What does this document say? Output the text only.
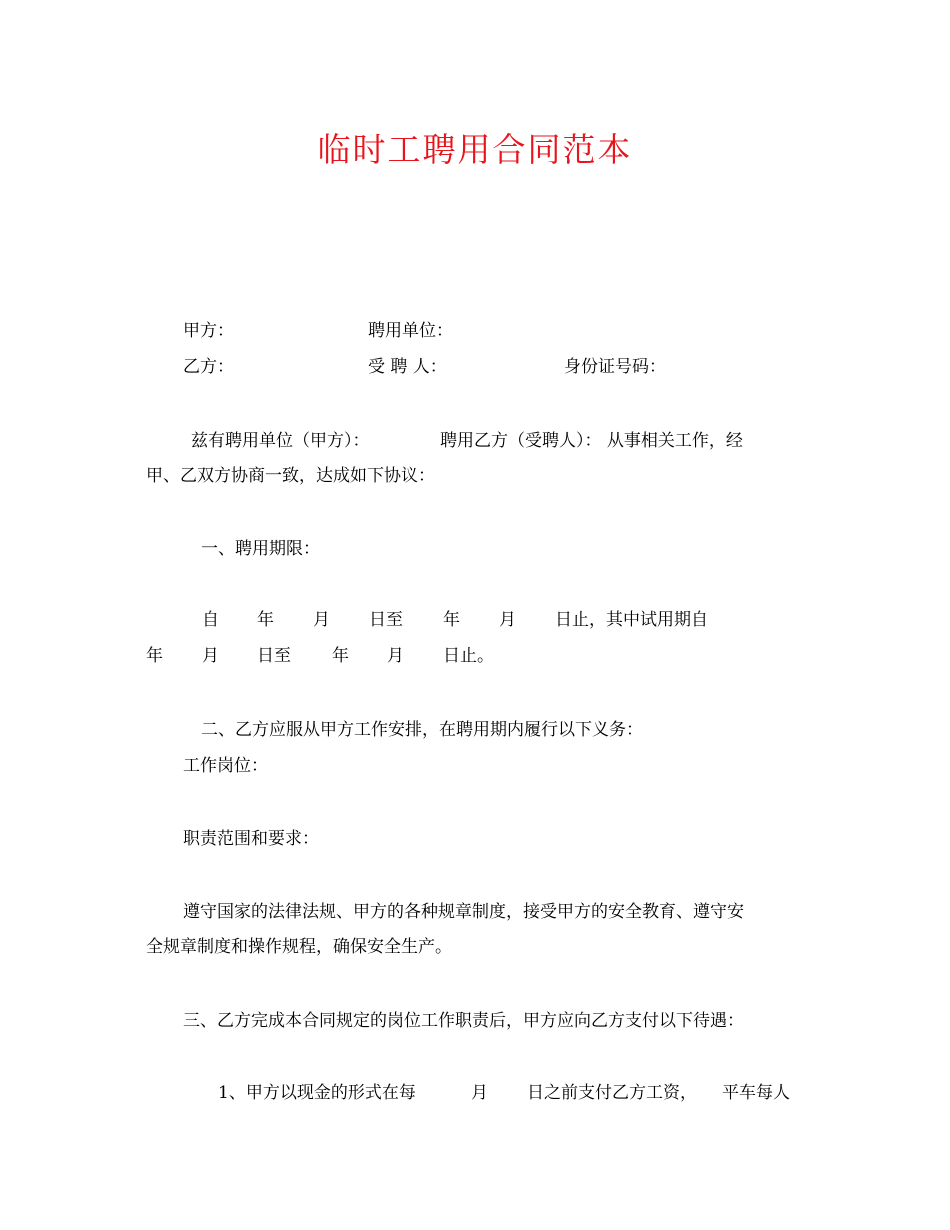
临时工聘用合同范本
甲方：	聘用单位：
乙方：	受 聘 人：	身份证号码：
兹有聘用单位（甲方）：	聘用乙方（受聘人）： 从事相关工作，经
甲、乙双方协商一致，达成如下协议：
一、聘用期限：
自 年 月 日至 年 月 日止，其中试用期自
年 月 日至 年 月 日止。
二、乙方应服从甲方工作安排，在聘用期内履行以下义务：
工作岗位：
职责范围和要求：
遵守国家的法律法规、甲方的各种规章制度，接受甲方的安全教育、遵守安
全规章制度和操作规程，确保安全生产。
三、乙方完成本合同规定的岗位工作职责后，甲方应向乙方支付以下待遇：
1、甲方以现金的形式在每	月 日之前支付乙方工资， 平车每人
